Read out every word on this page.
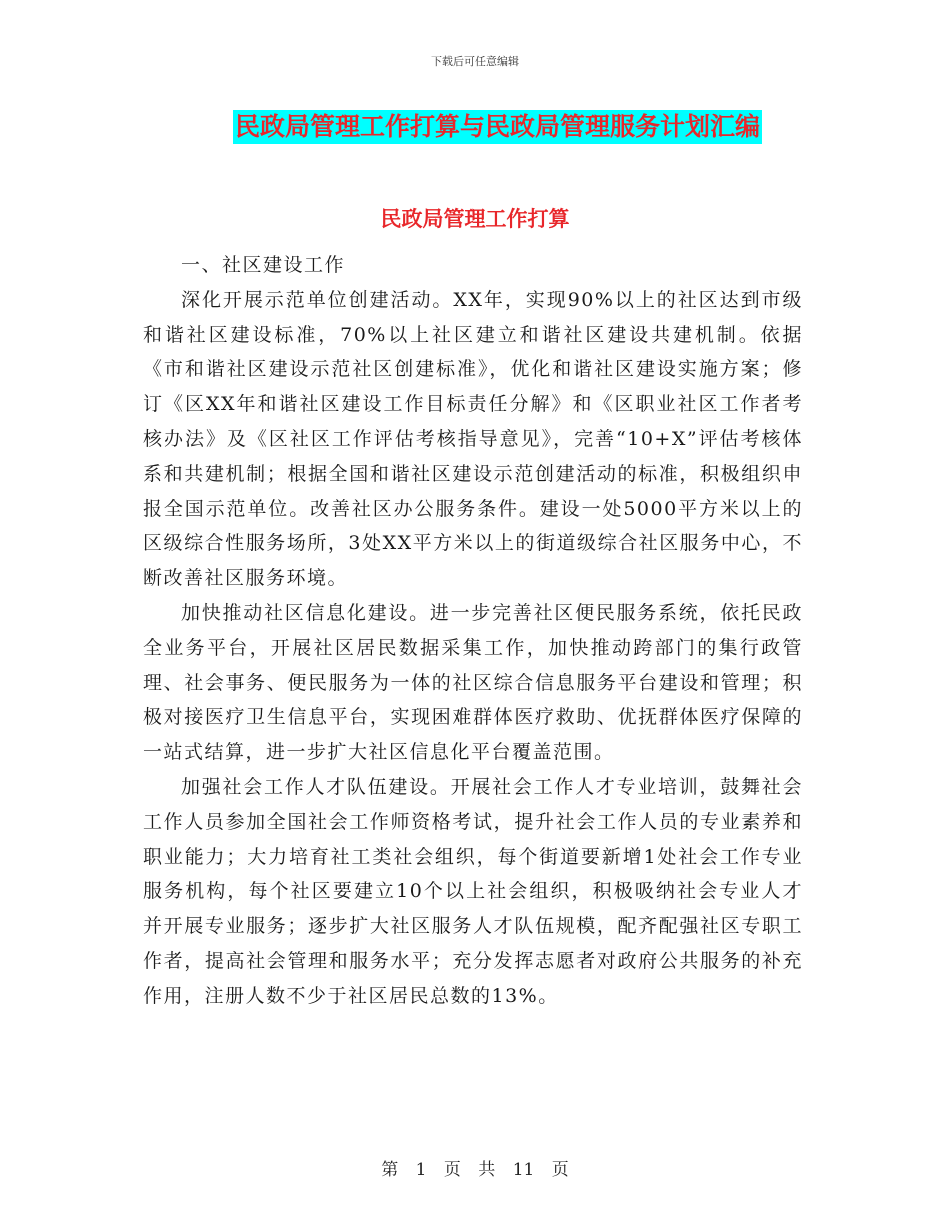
下载后可任意编辑
民政局管理工作打算与民政局管理服务计划汇编
民政局管理工作打算

一、社区建设工作

深化开展示范单位创建活动。XX年，实现90%以上的社区达到市级和谐社区建设标准，70%以上社区建立和谐社区建设共建机制。依据《市和谐社区建设示范社区创建标准》，优化和谐社区建设实施方案；修订《区XX年和谐社区建设工作目标责任分解》和《区职业社区工作者考核办法》及《区社区工作评估考核指导意见》，完善“10+X”评估考核体系和共建机制；根据全国和谐社区建设示范创建活动的标准，积极组织申报全国示范单位。改善社区办公服务条件。建设一处5000平方米以上的区级综合性服务场所，3处XX平方米以上的街道级综合社区服务中心，不断改善社区服务环境。

加快推动社区信息化建设。进一步完善社区便民服务系统，依托民政全业务平台，开展社区居民数据采集工作，加快推动跨部门的集行政管理、社会事务、便民服务为一体的社区综合信息服务平台建设和管理；积极对接医疗卫生信息平台，实现困难群体医疗救助、优抚群体医疗保障的一站式结算，进一步扩大社区信息化平台覆盖范围。

加强社会工作人才队伍建设。开展社会工作人才专业培训，鼓舞社会工作人员参加全国社会工作师资格考试，提升社会工作人员的专业素养和职业能力；大力培育社工类社会组织，每个街道要新增1处社会工作专业服务机构，每个社区要建立10个以上社会组织，积极吸纳社会专业人才并开展专业服务；逐步扩大社区服务人才队伍规模，配齐配强社区专职工作者，提高社会管理和服务水平；充分发挥志愿者对政府公共服务的补充作用，注册人数不少于社区居民总数的13%。

第 1 页 共 11 页
